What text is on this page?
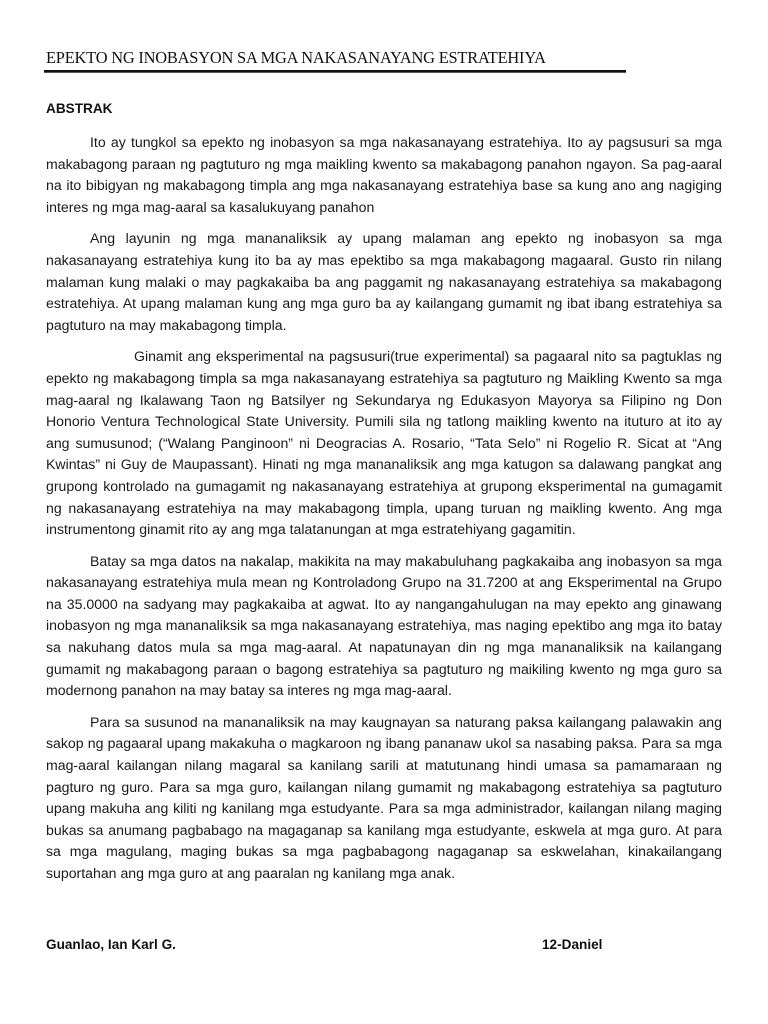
EPEKTO NG INOBASYON SA MGA NAKASANAYANG ESTRATEHIYA
ABSTRAK

Ito ay tungkol sa epekto ng inobasyon sa mga nakasanayang estratehiya. Ito ay pagsusuri sa mga makabagong paraan ng pagtuturo ng mga maikling kwento sa makabagong panahon ngayon. Sa pag-aaral na ito bibigyan ng makabagong timpla ang mga nakasanayang estratehiya base sa kung ano ang nagiging interes ng mga mag-aaral sa kasalukuyang panahon

Ang layunin ng mga mananaliksik ay upang malaman ang epekto ng inobasyon sa mga nakasanayang estratehiya kung ito ba ay mas epektibo sa mga makabagong magaaral. Gusto rin nilang malaman kung malaki o may pagkakaiba ba ang paggamit ng nakasanayang estratehiya sa makabagong estratehiya. At upang malaman kung ang mga guro ba ay kailangang gumamit ng ibat ibang estratehiya sa pagtuturo na may makabagong timpla.

Ginamit ang eksperimental na pagsusuri(true experimental) sa pagaaral nito sa pagtuklas ng epekto ng makabagong timpla sa mga nakasanayang estratehiya sa pagtuturo ng Maikling Kwento sa mga mag-aaral ng Ikalawang Taon ng Batsilyer ng Sekundarya ng Edukasyon Mayorya sa Filipino ng Don Honorio Ventura Technological State University. Pumili sila ng tatlong maikling kwento na ituturo at ito ay ang sumusunod; (“Walang Panginoon” ni Deogracias A. Rosario, “Tata Selo” ni Rogelio R. Sicat at “Ang Kwintas” ni Guy de Maupassant). Hinati ng mga mananaliksik ang mga katugon sa dalawang pangkat ang grupong kontrolado na gumagamit ng nakasanayang estratehiya at grupong eksperimental na gumagamit ng nakasanayang estratehiya na may makabagong timpla, upang turuan ng maikling kwento. Ang mga instrumentong ginamit rito ay ang mga talatanungan at mga estratehiyang gagamitin.

Batay sa mga datos na nakalap, makikita na may makabuluhang pagkakaiba ang inobasyon sa mga nakasanayang estratehiya mula mean ng Kontroladong Grupo na 31.7200 at ang Eksperimental na Grupo na 35.0000 na sadyang may pagkakaiba at agwat. Ito ay nangangahulugan na may epekto ang ginawang inobasyon ng mga mananaliksik sa mga nakasanayang estratehiya, mas naging epektibo ang mga ito batay sa nakuhang datos mula sa mga mag-aaral. At napatunayan din ng mga mananaliksik na kailangang gumamit ng makabagong paraan o bagong estratehiya sa pagtuturo ng maikiling kwento ng mga guro sa modernong panahon na may batay sa interes ng mga mag-aaral.

Para sa susunod na mananaliksik na may kaugnayan sa naturang paksa kailangang palawakin ang sakop ng pagaaral upang makakuha o magkaroon ng ibang pananaw ukol sa nasabing paksa. Para sa mga mag-aaral kailangan nilang magaral sa kanilang sarili at matutunang hindi umasa sa pamamaraan ng pagturo ng guro. Para sa mga guro, kailangan nilang gumamit ng makabagong estratehiya sa pagtuturo upang makuha ang kiliti ng kanilang mga estudyante. Para sa mga administrador, kailangan nilang maging bukas sa anumang pagbabago na magaganap sa kanilang mga estudyante, eskwela at mga guro. At para sa mga magulang, maging bukas sa mga pagbabagong nagaganap sa eskwelahan, kinakailangang suportahan ang mga guro at ang paaralan ng kanilang mga anak.

Guanlao, Ian Karl G.	12-Daniel
